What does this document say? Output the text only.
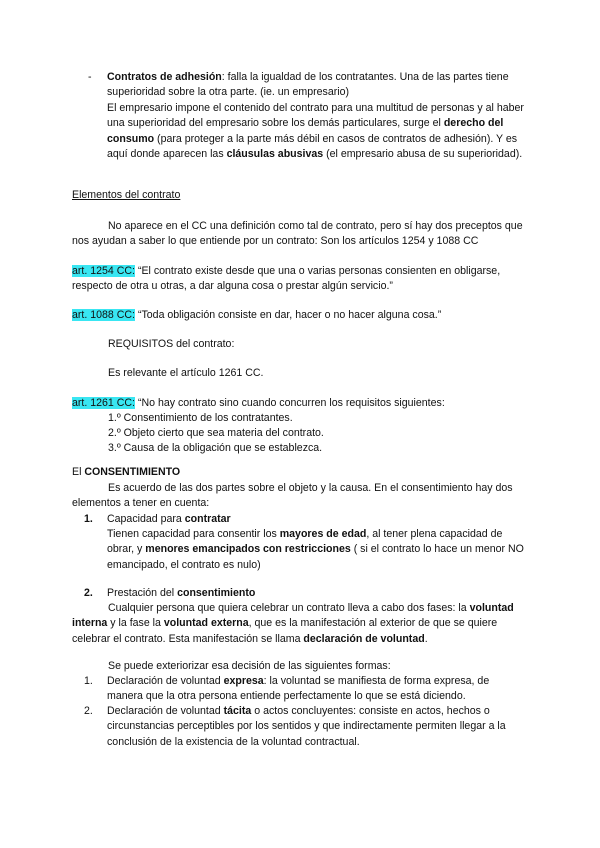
- Contratos de adhesión: falla la igualdad de los contratantes. Una de las partes tiene superioridad sobre la otra parte. (ie. un empresario)

El empresario impone el contenido del contrato para una multitud de personas y al haber una superioridad del empresario sobre los demás particulares, surge el derecho del consumo (para proteger a la parte más débil en casos de contratos de adhesión). Y es aquí donde aparecen las cláusulas abusivas (el empresario abusa de su superioridad).

Elementos del contrato

No aparece en el CC una definición como tal de contrato, pero sí hay dos preceptos que nos ayudan a saber lo que entiende por un contrato: Son los artículos 1254 y 1088 CC

art. 1254 CC: “El contrato existe desde que una o varias personas consienten en obligarse, respecto de otra u otras, a dar alguna cosa o prestar algún servicio.”

art. 1088 CC: “Toda obligación consiste en dar, hacer o no hacer alguna cosa.”

REQUISITOS del contrato:

Es relevante el artículo 1261 CC.

art. 1261 CC: “No hay contrato sino cuando concurren los requisitos siguientes:

1.º Consentimiento de los contratantes.

2.º Objeto cierto que sea materia del contrato.

3.º Causa de la obligación que se establezca.

El CONSENTIMIENTO

Es acuerdo de las dos partes sobre el objeto y la causa. En el consentimiento hay dos elementos a tener en cuenta:

1. Capacidad para contratar

Tienen capacidad para consentir los mayores de edad, al tener plena capacidad de obrar, y menores emancipados con restricciones ( si el contrato lo hace un menor NO emancipado, el contrato es nulo)

2. Prestación del consentimiento

Cualquier persona que quiera celebrar un contrato lleva a cabo dos fases: la voluntad interna y la fase la voluntad externa, que es la manifestación al exterior de que se quiere celebrar el contrato. Esta manifestación se llama declaración de voluntad.

Se puede exteriorizar esa decisión de las siguientes formas:

1. Declaración de voluntad expresa: la voluntad se manifiesta de forma expresa, de manera que la otra persona entiende perfectamente lo que se está diciendo.

2. Declaración de voluntad tácita o actos concluyentes: consiste en actos, hechos o circunstancias perceptibles por los sentidos y que indirectamente permiten llegar a la conclusión de la existencia de la voluntad contractual.
